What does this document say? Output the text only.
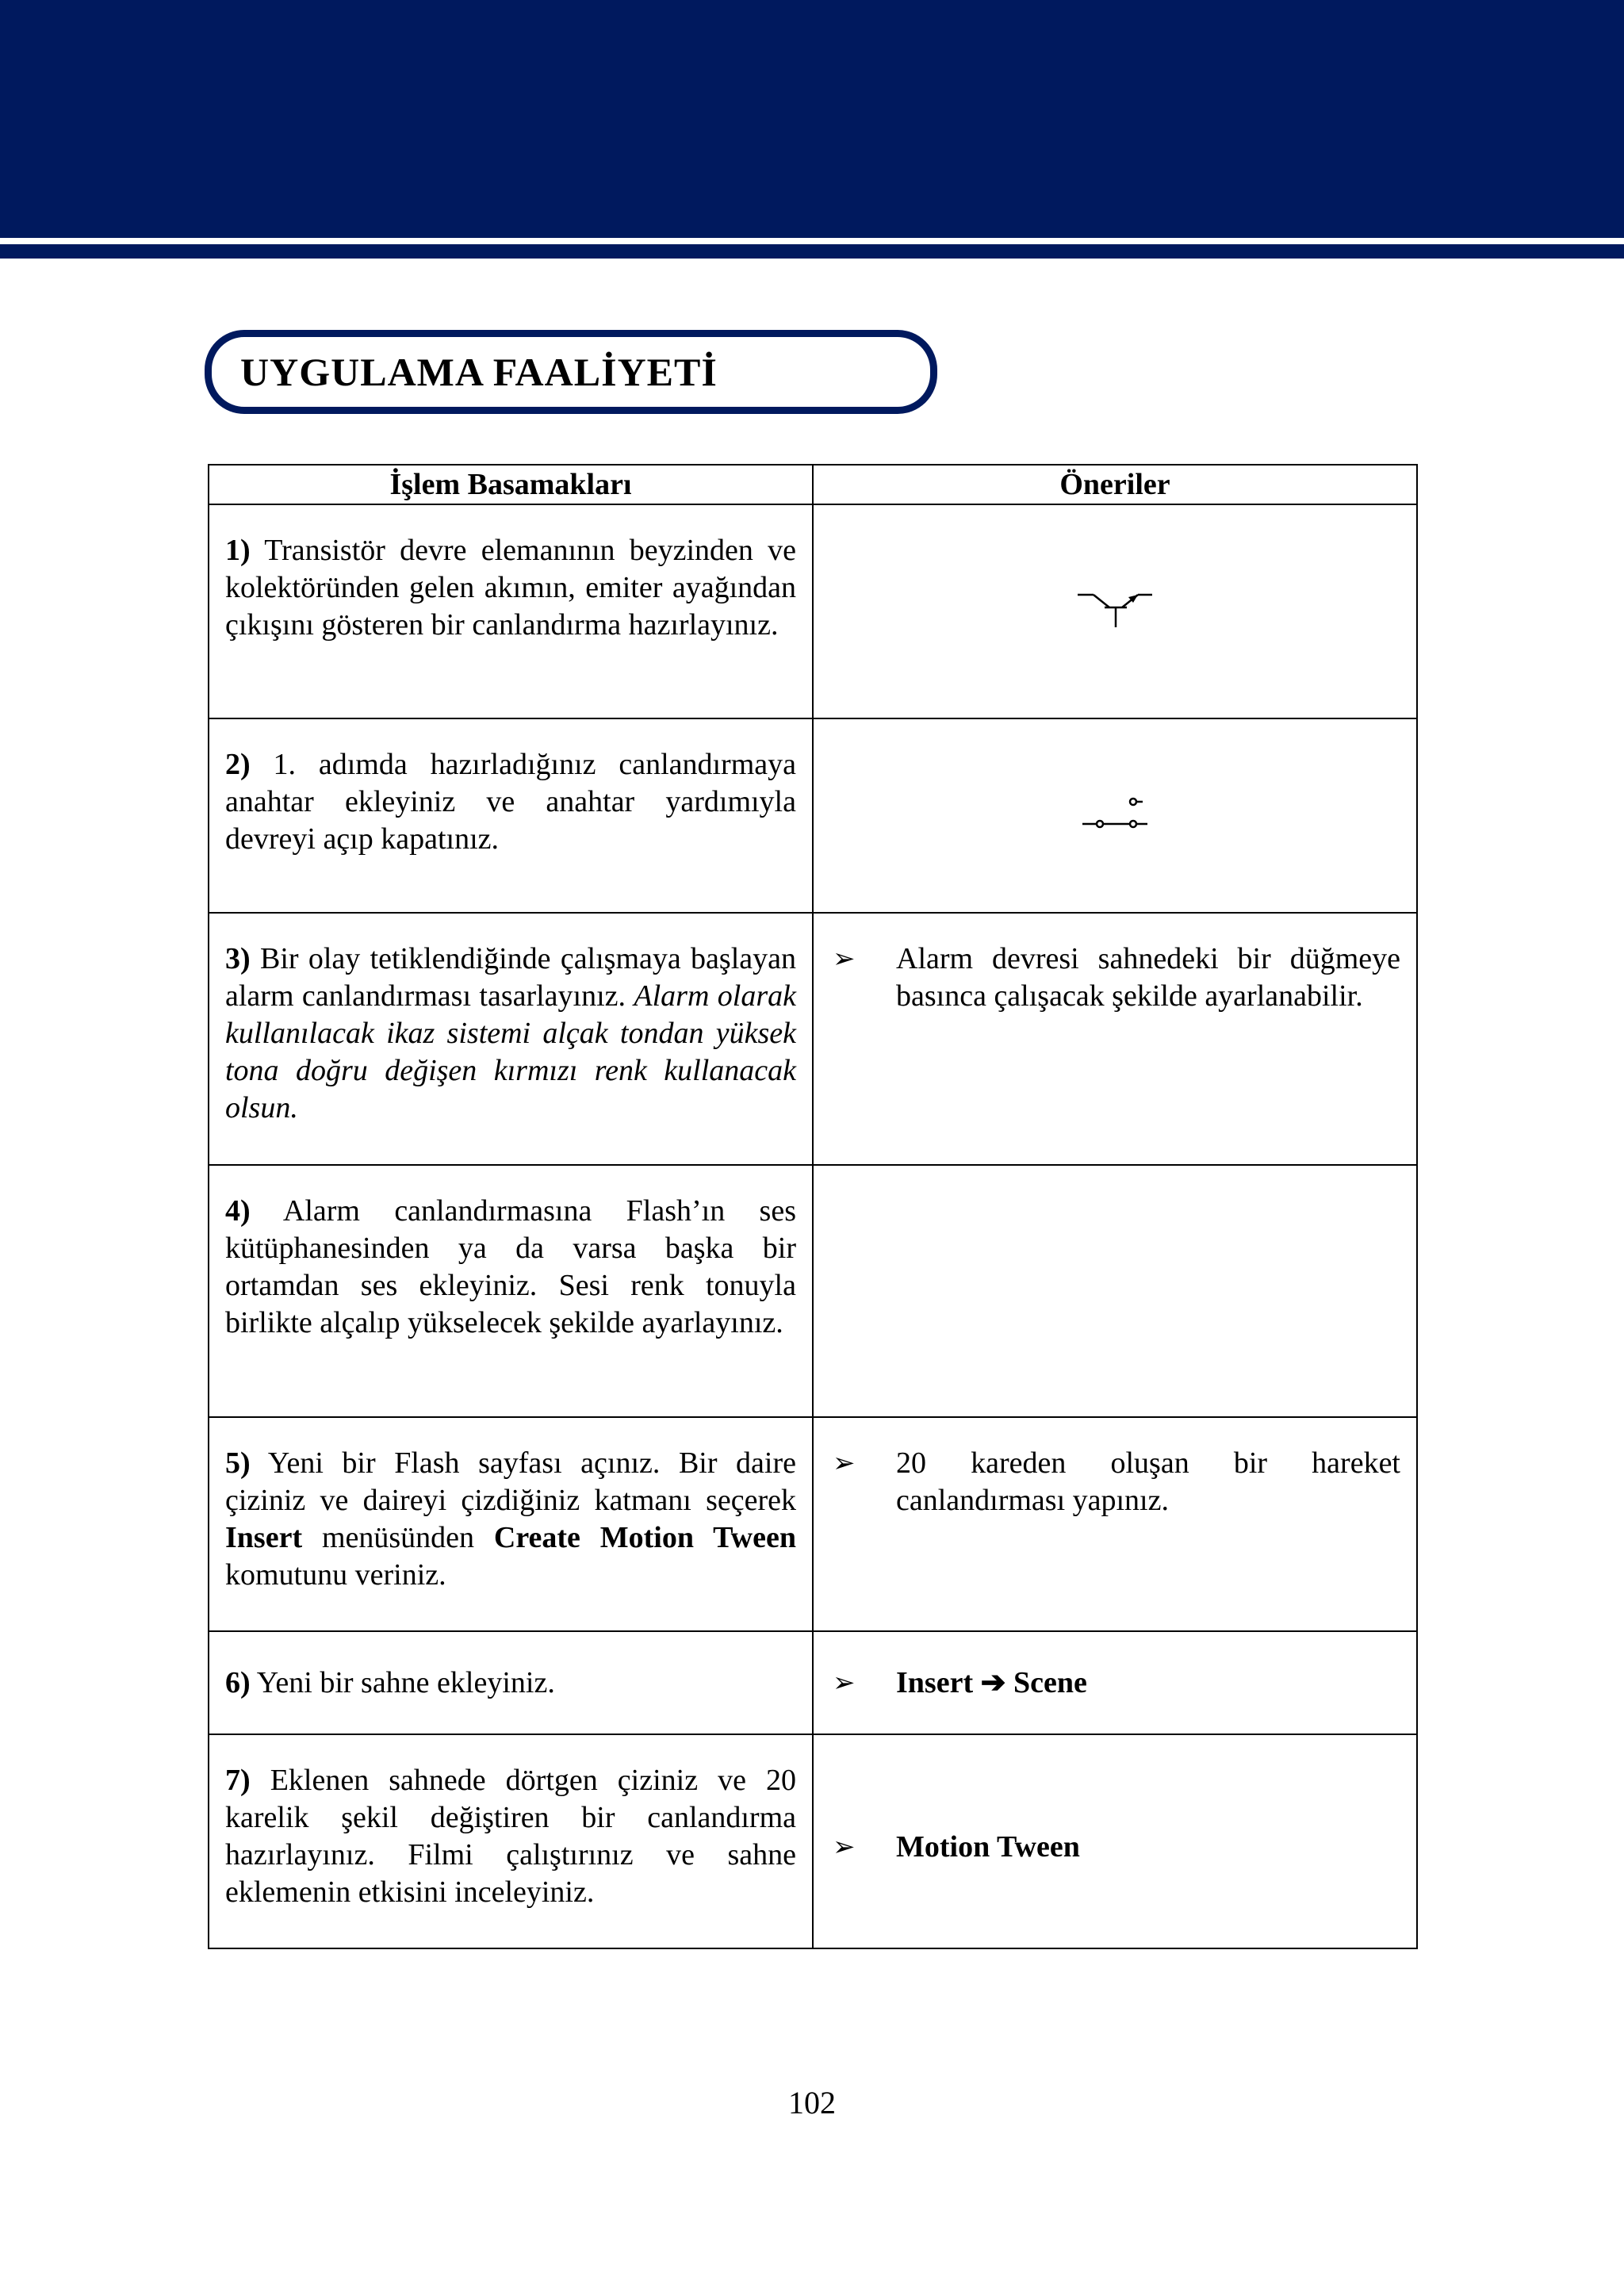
UYGULAMA FAALİYETİ
İşlem Basamakları	Öneriler

1) Transistör devre elemanının beyzinden ve kolektöründen gelen akımın, emiter ayağından çıkışını gösteren bir canlandırma hazırlayınız.

2) 1. adımda hazırladığınız canlandırmaya anahtar ekleyiniz ve anahtar yardımıyla devreyi açıp kapatınız.

3) Bir olay tetiklendiğinde çalışmaya başlayan alarm canlandırması tasarlayınız. Alarm olarak kullanılacak ikaz sistemi alçak tondan yüksek tona doğru değişen kırmızı renk kullanacak olsun.	➢ Alarm devresi sahnedeki bir düğmeye basınca çalışacak şekilde ayarlanabilir.

4) Alarm canlandırmasına Flash’ın ses kütüphanesinden ya da varsa başka bir ortamdan ses ekleyiniz. Sesi renk tonuyla birlikte alçalıp yükselecek şekilde ayarlayınız.	

5) Yeni bir Flash sayfası açınız. Bir daire çiziniz ve daireyi çizdiğiniz katmanı seçerek Insert menüsünden Create Motion Tween komutunu veriniz.	➢ 20 kareden oluşan bir hareket canlandırması yapınız.

6) Yeni bir sahne ekleyiniz.	➢ Insert ➔ Scene

7) Eklenen sahnede dörtgen çiziniz ve 20 karelik şekil değiştiren bir canlandırma hazırlayınız. Filmi çalıştırınız ve sahne eklemenin etkisini inceleyiniz.	➢ Motion Tween
102
